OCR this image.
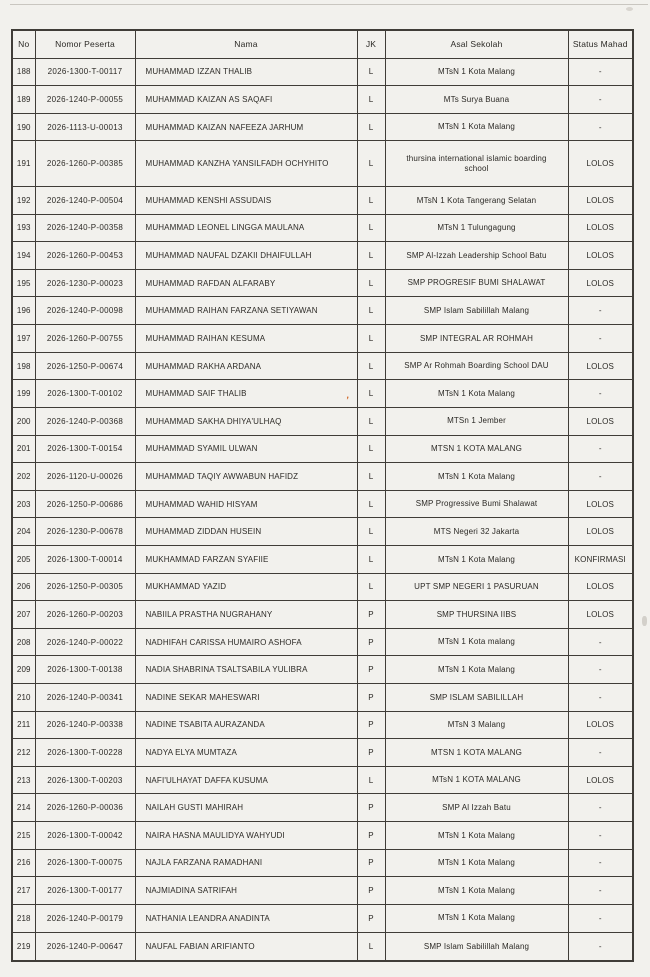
No	Nomor Peserta	Nama	JK	Asal Sekolah	Status Mahad
188	2026-1300-T-00117	MUHAMMAD IZZAN THALIB	L	MTsN 1 Kota Malang	-
189	2026-1240-P-00055	MUHAMMAD KAIZAN AS SAQAFI	L	MTs Surya Buana	-
190	2026-1113-U-00013	MUHAMMAD KAIZAN NAFEEZA JARHUM	L	MTsN 1 Kota Malang	-
191	2026-1260-P-00385	MUHAMMAD KANZHA YANSILFADH OCHYHITO	L	thursina international islamic boarding school	LOLOS
192	2026-1240-P-00504	MUHAMMAD KENSHI ASSUDAIS	L	MTsN 1 Kota Tangerang Selatan	LOLOS
193	2026-1240-P-00358	MUHAMMAD LEONEL LINGGA MAULANA	L	MTsN 1 Tulungagung	LOLOS
194	2026-1260-P-00453	MUHAMMAD NAUFAL DZAKII DHAIFULLAH	L	SMP Al-Izzah Leadership School Batu	LOLOS
195	2026-1230-P-00023	MUHAMMAD RAFDAN ALFARABY	L	SMP PROGRESIF BUMI SHALAWAT	LOLOS
196	2026-1240-P-00098	MUHAMMAD RAIHAN FARZANA SETIYAWAN	L	SMP Islam Sabilillah Malang	-
197	2026-1260-P-00755	MUHAMMAD RAIHAN KESUMA	L	SMP INTEGRAL AR ROHMAH	-
198	2026-1250-P-00674	MUHAMMAD RAKHA ARDANA	L	SMP Ar Rohmah Boarding School DAU	LOLOS
199	2026-1300-T-00102	MUHAMMAD SAIF THALIB ,	L	MTsN 1 Kota Malang	-
200	2026-1240-P-00368	MUHAMMAD SAKHA DHIYA'ULHAQ	L	MTSn 1 Jember	LOLOS
201	2026-1300-T-00154	MUHAMMAD SYAMIL ULWAN	L	MTSN 1 KOTA MALANG	-
202	2026-1120-U-00026	MUHAMMAD TAQIY AWWABUN HAFIDZ	L	MTsN 1 Kota Malang	-
203	2026-1250-P-00686	MUHAMMAD WAHID HISYAM	L	SMP Progressive Bumi Shalawat	LOLOS
204	2026-1230-P-00678	MUHAMMAD ZIDDAN HUSEIN	L	MTS Negeri 32 Jakarta	LOLOS
205	2026-1300-T-00014	MUKHAMMAD FARZAN SYAFIIE	L	MTsN 1 Kota Malang	KONFIRMASI
206	2026-1250-P-00305	MUKHAMMAD YAZID	L	UPT SMP NEGERI 1 PASURUAN	LOLOS
207	2026-1260-P-00203	NABIILA PRASTHA NUGRAHANY	P	SMP THURSINA IIBS	LOLOS
208	2026-1240-P-00022	NADHIFAH CARISSA HUMAIRO ASHOFA	P	MTsN 1 Kota malang	-
209	2026-1300-T-00138	NADIA SHABRINA TSALTSABILA YULIBRA	P	MTsN 1 Kota Malang	-
210	2026-1240-P-00341	NADINE SEKAR MAHESWARI	P	SMP ISLAM SABILILLAH	-
211	2026-1240-P-00338	NADINE TSABITA AURAZANDA	P	MTsN 3 Malang	LOLOS
212	2026-1300-T-00228	NADYA ELYA MUMTAZA	P	MTSN 1 KOTA MALANG	-
213	2026-1300-T-00203	NAFI'ULHAYAT DAFFA KUSUMA	L	MTsN 1 KOTA MALANG	LOLOS
214	2026-1260-P-00036	NAILAH GUSTI MAHIRAH	P	SMP Al Izzah Batu	-
215	2026-1300-T-00042	NAIRA HASNA MAULIDYA WAHYUDI	P	MTsN 1 Kota Malang	-
216	2026-1300-T-00075	NAJLA FARZANA RAMADHANI	P	MTsN 1 Kota Malang	-
217	2026-1300-T-00177	NAJMIADINA SATRIFAH	P	MTsN 1 Kota Malang	-
218	2026-1240-P-00179	NATHANIA LEANDRA ANADINTA	P	MTsN 1 Kota Malang	-
219	2026-1240-P-00647	NAUFAL FABIAN ARIFIANTO	L	SMP Islam Sabilillah Malang	-
